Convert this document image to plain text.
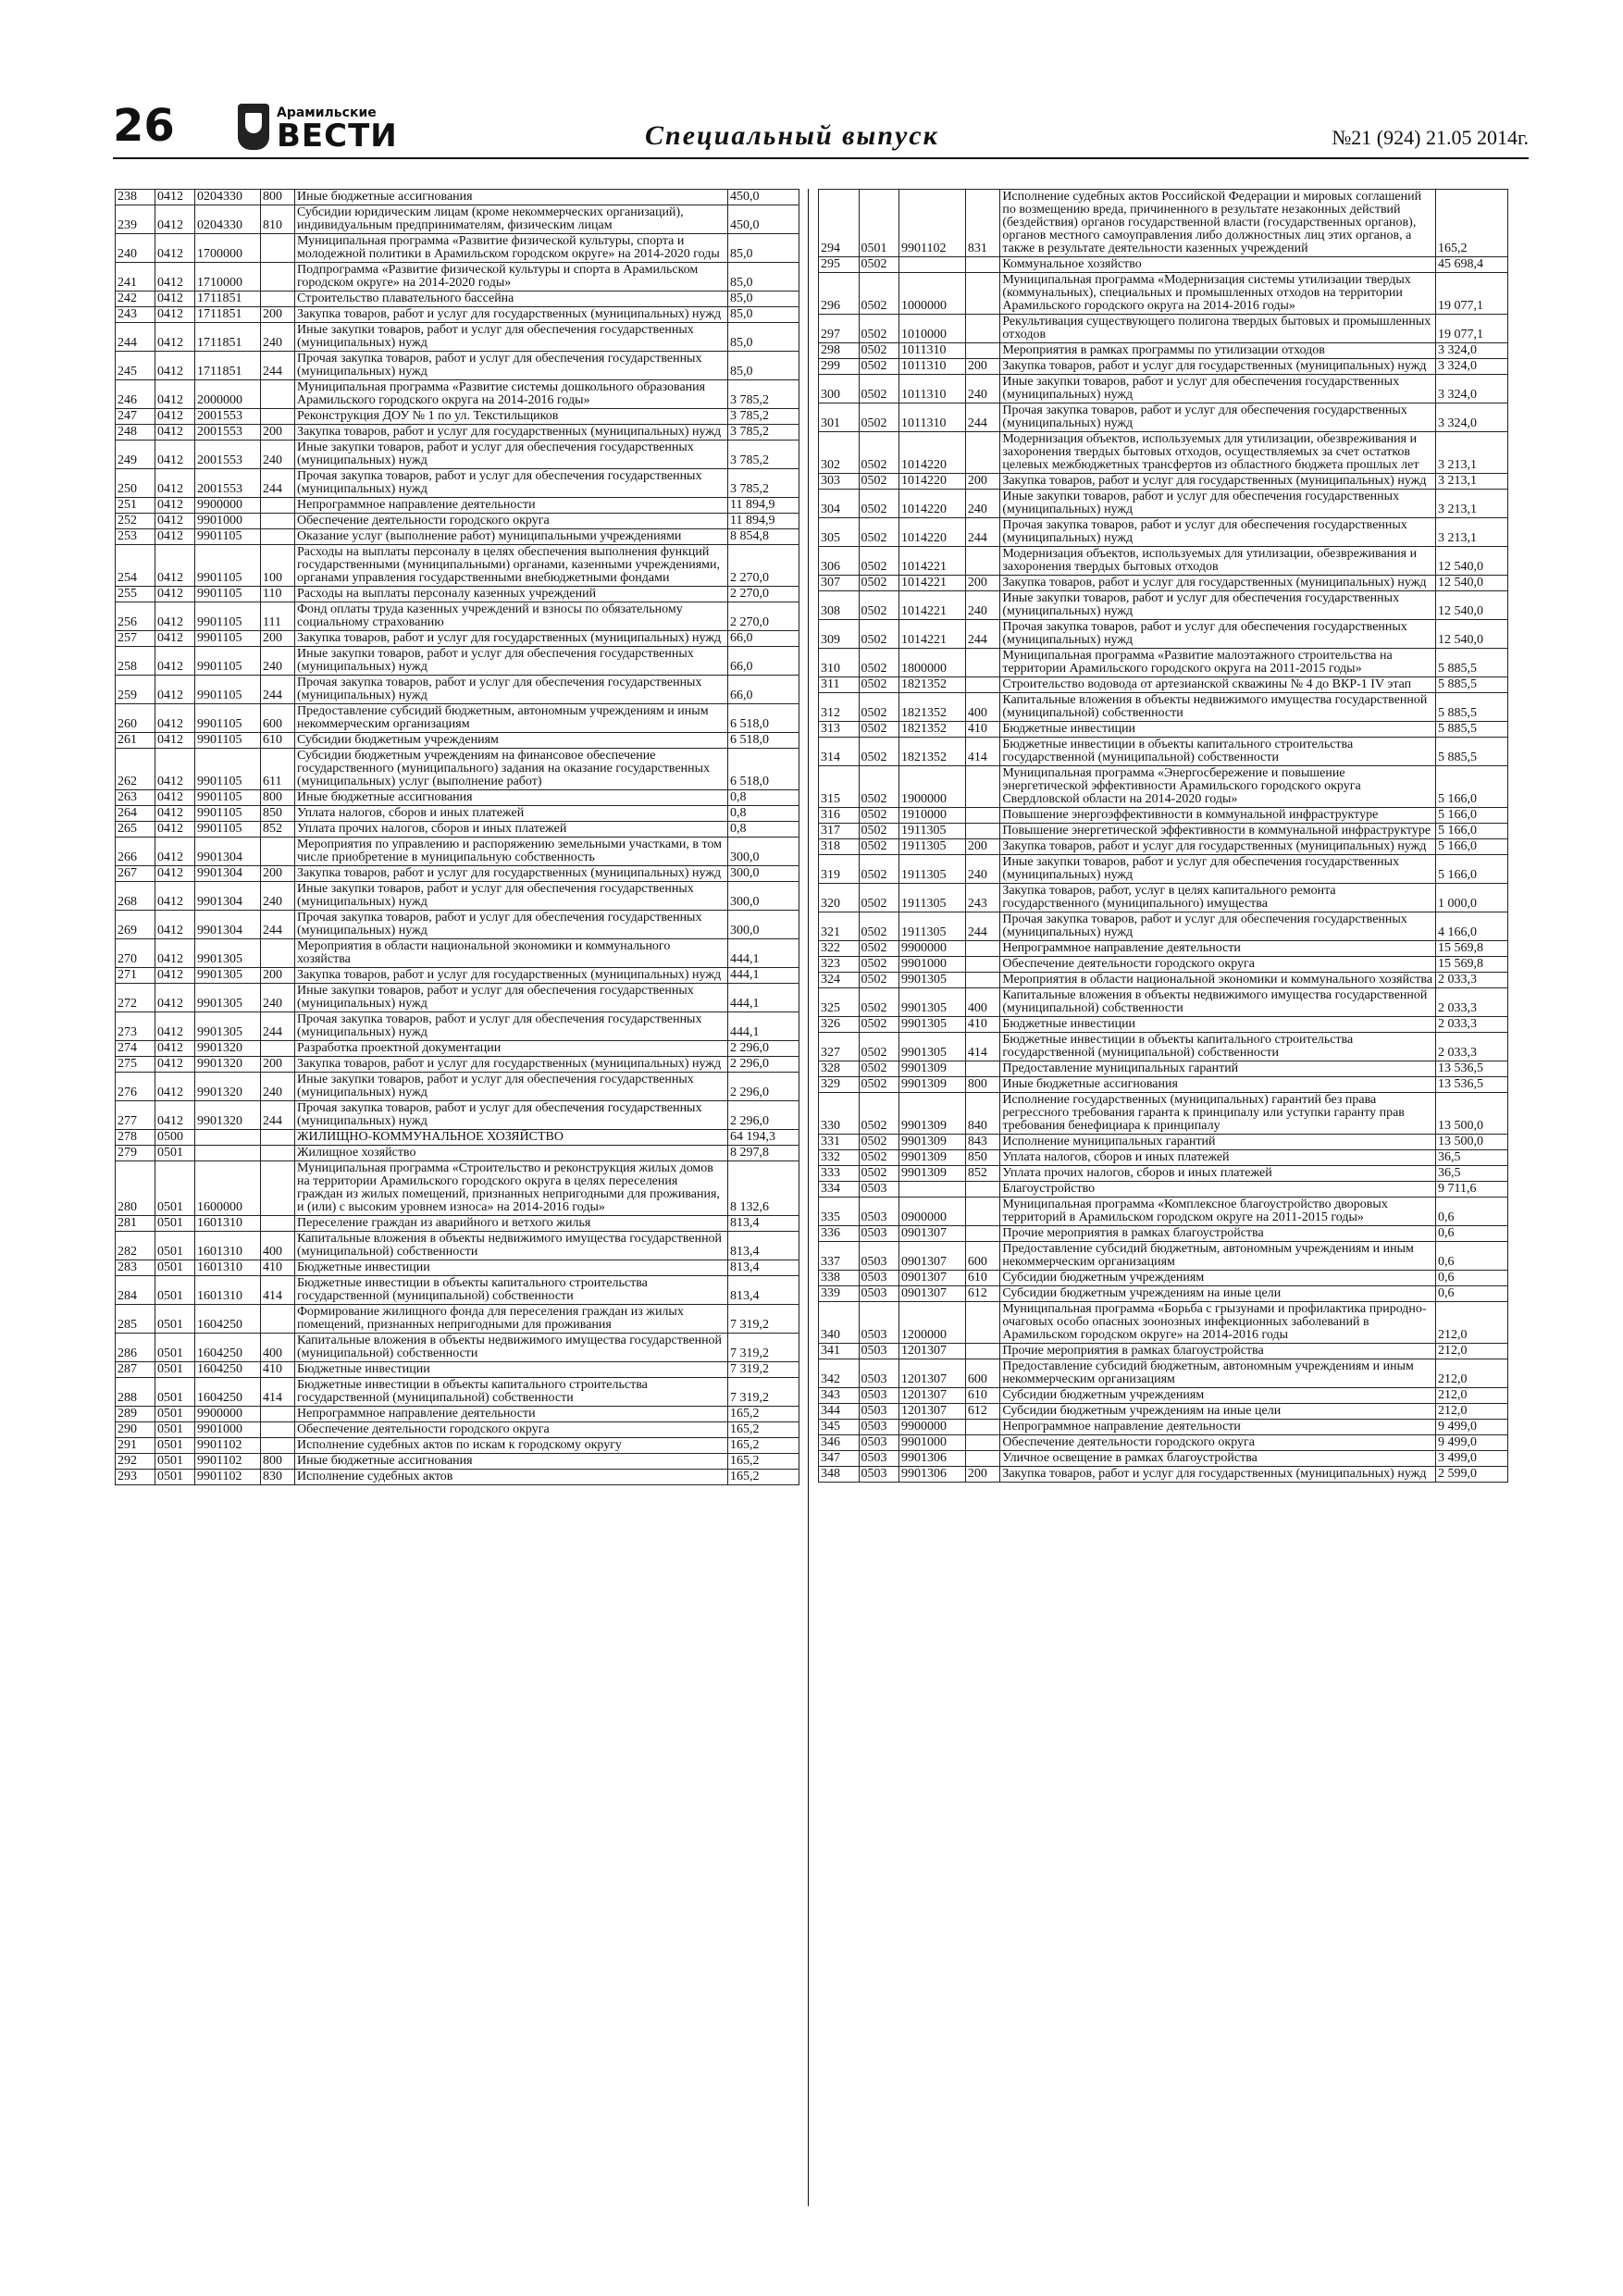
26	Арамильские
ВЕСТИ	Специальный выпуск	№21 (924) 21.05 2014г.
238	0412	0204330	800	Иные бюджетные ассигнования	450,0
239	0412	0204330	810	Субсидии юридическим лицам (кроме некоммерческих организаций), индивидуальным предпринимателям, физическим лицам	450,0
240	0412	1700000		Муниципальная программа «Развитие физической культуры, спорта и молодежной политики в Арамильском городском округе» на 2014-2020 годы	85,0
241	0412	1710000		Подпрограмма «Развитие физической культуры и спорта в Арамильском городском округе» на 2014-2020 годы»	85,0
242	0412	1711851		Строительство плавательного бассейна	85,0
243	0412	1711851	200	Закупка товаров, работ и услуг для государственных (муниципальных) нужд	85,0
244	0412	1711851	240	Иные закупки товаров, работ и услуг для обеспечения государственных (муниципальных) нужд	85,0
245	0412	1711851	244	Прочая закупка товаров, работ и услуг для обеспечения государственных (муниципальных) нужд	85,0
246	0412	2000000		Муниципальная программа «Развитие системы дошкольного образования Арамильского городского округа на 2014-2016 годы»	3 785,2
247	0412	2001553		Реконструкция ДОУ № 1 по ул. Текстильщиков	3 785,2
248	0412	2001553	200	Закупка товаров, работ и услуг для государственных (муниципальных) нужд	3 785,2
249	0412	2001553	240	Иные закупки товаров, работ и услуг для обеспечения государственных (муниципальных) нужд	3 785,2
250	0412	2001553	244	Прочая закупка товаров, работ и услуг для обеспечения государственных (муниципальных) нужд	3 785,2
251	0412	9900000		Непрограммное направление деятельности	11 894,9
252	0412	9901000		Обеспечение деятельности городского округа	11 894,9
253	0412	9901105		Оказание услуг (выполнение работ) муниципальными учреждениями	8 854,8
254	0412	9901105	100	Расходы на выплаты персоналу в целях обеспечения выполнения функций государственными (муниципальными) органами, казенными учреждениями, органами управления государственными внебюджетными фондами	2 270,0
255	0412	9901105	110	Расходы на выплаты персоналу казенных учреждений	2 270,0
256	0412	9901105	111	Фонд оплаты труда казенных учреждений и взносы по обязательному социальному страхованию	2 270,0
257	0412	9901105	200	Закупка товаров, работ и услуг для государственных (муниципальных) нужд	66,0
258	0412	9901105	240	Иные закупки товаров, работ и услуг для обеспечения государственных (муниципальных) нужд	66,0
259	0412	9901105	244	Прочая закупка товаров, работ и услуг для обеспечения государственных (муниципальных) нужд	66,0
260	0412	9901105	600	Предоставление субсидий бюджетным, автономным учреждениям и иным некоммерческим организациям	6 518,0
261	0412	9901105	610	Субсидии бюджетным учреждениям	6 518,0
262	0412	9901105	611	Субсидии бюджетным учреждениям на финансовое обеспечение государственного (муниципального) задания на оказание государственных (муниципальных) услуг (выполнение работ)	6 518,0
263	0412	9901105	800	Иные бюджетные ассигнования	0,8
264	0412	9901105	850	Уплата налогов, сборов и иных платежей	0,8
265	0412	9901105	852	Уплата прочих налогов, сборов и иных платежей	0,8
266	0412	9901304		Мероприятия по управлению и распоряжению земельными участками, в том числе приобретение в муниципальную собственность	300,0
267	0412	9901304	200	Закупка товаров, работ и услуг для государственных (муниципальных) нужд	300,0
268	0412	9901304	240	Иные закупки товаров, работ и услуг для обеспечения государственных (муниципальных) нужд	300,0
269	0412	9901304	244	Прочая закупка товаров, работ и услуг для обеспечения государственных (муниципальных) нужд	300,0
270	0412	9901305		Мероприятия в области национальной экономики и коммунального хозяйства	444,1
271	0412	9901305	200	Закупка товаров, работ и услуг для государственных (муниципальных) нужд	444,1
272	0412	9901305	240	Иные закупки товаров, работ и услуг для обеспечения государственных (муниципальных) нужд	444,1
273	0412	9901305	244	Прочая закупка товаров, работ и услуг для обеспечения государственных (муниципальных) нужд	444,1
274	0412	9901320		Разработка проектной документации	2 296,0
275	0412	9901320	200	Закупка товаров, работ и услуг для государственных (муниципальных) нужд	2 296,0
276	0412	9901320	240	Иные закупки товаров, работ и услуг для обеспечения государственных (муниципальных) нужд	2 296,0
277	0412	9901320	244	Прочая закупка товаров, работ и услуг для обеспечения государственных (муниципальных) нужд	2 296,0
278	0500			ЖИЛИЩНО-КОММУНАЛЬНОЕ ХОЗЯЙСТВО	64 194,3
279	0501			Жилищное хозяйство	8 297,8
280	0501	1600000		Муниципальная программа «Строительство и реконструкция жилых домов на территории Арамильского городского округа в целях переселения граждан из жилых помещений, признанных непригодными для проживания, и (или) с высоким уровнем износа» на 2014-2016 годы»	8 132,6
281	0501	1601310		Переселение граждан из аварийного и ветхого жилья	813,4
282	0501	1601310	400	Капитальные вложения в объекты недвижимого имущества государственной (муниципальной) собственности	813,4
283	0501	1601310	410	Бюджетные инвестиции	813,4
284	0501	1601310	414	Бюджетные инвестиции в объекты капитального строительства государственной (муниципальной) собственности	813,4
285	0501	1604250		Формирование жилищного фонда для переселения граждан из жилых помещений, признанных непригодными для проживания	7 319,2
286	0501	1604250	400	Капитальные вложения в объекты недвижимого имущества государственной (муниципальной) собственности	7 319,2
287	0501	1604250	410	Бюджетные инвестиции	7 319,2
288	0501	1604250	414	Бюджетные инвестиции в объекты капитального строительства государственной (муниципальной) собственности	7 319,2
289	0501	9900000		Непрограммное направление деятельности	165,2
290	0501	9901000		Обеспечение деятельности городского округа	165,2
291	0501	9901102		Исполнение судебных актов по искам к городскому округу	165,2
292	0501	9901102	800	Иные бюджетные ассигнования	165,2
293	0501	9901102	830	Исполнение судебных актов	165,2
294	0501	9901102	831	Исполнение судебных актов Российской Федерации и мировых соглашений по возмещению вреда, причиненного в результате незаконных действий (бездействия) органов государственной власти (государственных органов), органов местного самоуправления либо должностных лиц этих органов, а также в результате деятельности казенных учреждений	165,2
295	0502			Коммунальное хозяйство	45 698,4
296	0502	1000000		Муниципальная программа «Модернизация системы утилизации твердых (коммунальных), специальных и промышленных отходов на территории Арамильского городского округа на 2014-2016 годы»	19 077,1
297	0502	1010000		Рекультивация существующего полигона твердых бытовых и промышленных отходов	19 077,1
298	0502	1011310		Мероприятия в рамках программы по утилизации отходов	3 324,0
299	0502	1011310	200	Закупка товаров, работ и услуг для государственных (муниципальных) нужд	3 324,0
300	0502	1011310	240	Иные закупки товаров, работ и услуг для обеспечения государственных (муниципальных) нужд	3 324,0
301	0502	1011310	244	Прочая закупка товаров, работ и услуг для обеспечения государственных (муниципальных) нужд	3 324,0
302	0502	1014220		Модернизация объектов, используемых для утилизации, обезвреживания и захоронения твердых бытовых отходов, осуществляемых за счет остатков целевых межбюджетных трансфертов из областного бюджета прошлых лет	3 213,1
303	0502	1014220	200	Закупка товаров, работ и услуг для государственных (муниципальных) нужд	3 213,1
304	0502	1014220	240	Иные закупки товаров, работ и услуг для обеспечения государственных (муниципальных) нужд	3 213,1
305	0502	1014220	244	Прочая закупка товаров, работ и услуг для обеспечения государственных (муниципальных) нужд	3 213,1
306	0502	1014221		Модернизация объектов, используемых для утилизации, обезвреживания и захоронения твердых бытовых отходов	12 540,0
307	0502	1014221	200	Закупка товаров, работ и услуг для государственных (муниципальных) нужд	12 540,0
308	0502	1014221	240	Иные закупки товаров, работ и услуг для обеспечения государственных (муниципальных) нужд	12 540,0
309	0502	1014221	244	Прочая закупка товаров, работ и услуг для обеспечения государственных (муниципальных) нужд	12 540,0
310	0502	1800000		Муниципальная программа «Развитие малоэтажного строительства на территории Арамильского городского округа на 2011-2015 годы»	5 885,5
311	0502	1821352		Строительство водовода от артезианской скважины № 4 до ВКР-1 IV этап	5 885,5
312	0502	1821352	400	Капитальные вложения в объекты недвижимого имущества государственной (муниципальной) собственности	5 885,5
313	0502	1821352	410	Бюджетные инвестиции	5 885,5
314	0502	1821352	414	Бюджетные инвестиции в объекты капитального строительства государственной (муниципальной) собственности	5 885,5
315	0502	1900000		Муниципальная программа «Энергосбережение и повышение энергетической эффективности Арамильского городского округа Свердловской области на 2014-2020 годы»	5 166,0
316	0502	1910000		Повышение энергоэффективности в коммунальной инфраструктуре	5 166,0
317	0502	1911305		Повышение энергетической эффективности в коммунальной инфраструктуре	5 166,0
318	0502	1911305	200	Закупка товаров, работ и услуг для государственных (муниципальных) нужд	5 166,0
319	0502	1911305	240	Иные закупки товаров, работ и услуг для обеспечения государственных (муниципальных) нужд	5 166,0
320	0502	1911305	243	Закупка товаров, работ, услуг в целях капитального ремонта государственного (муниципального) имущества	1 000,0
321	0502	1911305	244	Прочая закупка товаров, работ и услуг для обеспечения государственных (муниципальных) нужд	4 166,0
322	0502	9900000		Непрограммное направление деятельности	15 569,8
323	0502	9901000		Обеспечение деятельности городского округа	15 569,8
324	0502	9901305		Мероприятия в области национальной экономики и коммунального хозяйства	2 033,3
325	0502	9901305	400	Капитальные вложения в объекты недвижимого имущества государственной (муниципальной) собственности	2 033,3
326	0502	9901305	410	Бюджетные инвестиции	2 033,3
327	0502	9901305	414	Бюджетные инвестиции в объекты капитального строительства государственной (муниципальной) собственности	2 033,3
328	0502	9901309		Предоставление муниципальных гарантий	13 536,5
329	0502	9901309	800	Иные бюджетные ассигнования	13 536,5
330	0502	9901309	840	Исполнение государственных (муниципальных) гарантий без права регрессного требования гаранта к принципалу или уступки гаранту прав требования бенефициара к принципалу	13 500,0
331	0502	9901309	843	Исполнение муниципальных гарантий	13 500,0
332	0502	9901309	850	Уплата налогов, сборов и иных платежей	36,5
333	0502	9901309	852	Уплата прочих налогов, сборов и иных платежей	36,5
334	0503			Благоустройство	9 711,6
335	0503	0900000		Муниципальная программа «Комплексное благоустройство дворовых территорий в Арамильском городском округе на 2011-2015 годы»	0,6
336	0503	0901307		Прочие мероприятия в рамках благоустройства	0,6
337	0503	0901307	600	Предоставление субсидий бюджетным, автономным учреждениям и иным некоммерческим организациям	0,6
338	0503	0901307	610	Субсидии бюджетным учреждениям	0,6
339	0503	0901307	612	Субсидии бюджетным учреждениям на иные цели	0,6
340	0503	1200000		Муниципальная программа «Борьба с грызунами и профилактика природно-очаговых особо опасных зоонозных инфекционных заболеваний в Арамильском городском округе» на 2014-2016 годы	212,0
341	0503	1201307		Прочие мероприятия в рамках благоустройства	212,0
342	0503	1201307	600	Предоставление субсидий бюджетным, автономным учреждениям и иным некоммерческим организациям	212,0
343	0503	1201307	610	Субсидии бюджетным учреждениям	212,0
344	0503	1201307	612	Субсидии бюджетным учреждениям на иные цели	212,0
345	0503	9900000		Непрограммное направление деятельности	9 499,0
346	0503	9901000		Обеспечение деятельности городского округа	9 499,0
347	0503	9901306		Уличное освещение в рамках благоустройства	3 499,0
348	0503	9901306	200	Закупка товаров, работ и услуг для государственных (муниципальных) нужд	2 599,0
